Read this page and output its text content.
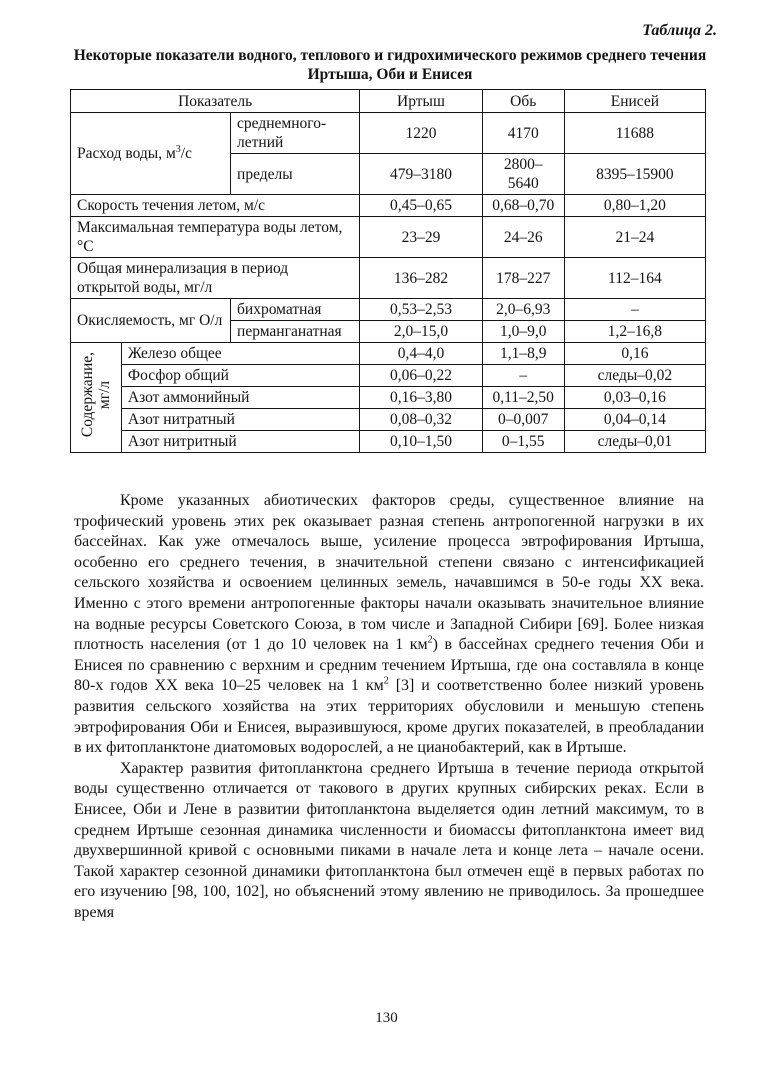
Таблица 2.
Некоторые показатели водного, теплового и гидрохимического режимов среднего течения Иртыша, Оби и Енисея
Показатель			Иртыш	Обь	Енисей
Расход воды, $м^3/с$		среднемного-летний	1220	4170	11688
		пределы	479–3180	2800–5640	8395–15900
Скорость течения летом, м/с			0,45–0,65	0,68–0,70	0,80–1,20
Максимальная температура воды летом, °С			23–29	24–26	21–24
Общая минерализация в период открытой воды, мг/л			136–282	178–227	112–164
Окисляемость, мг О/л		бихроматная	0,53–2,53	2,0–6,93	–
		перманганатная	2,0–15,0	1,0–9,0	1,2–16,8
Содержание,
мг/л	Железо общее		0,4–4,0	1,1–8,9	0,16
	Фосфор общий		0,06–0,22	–	следы–0,02
	Азот аммонийный		0,16–3,80	0,11–2,50	0,03–0,16
	Азот нитратный		0,08–0,32	0–0,007	0,04–0,14
	Азот нитритный		0,10–1,50	0–1,55	следы–0,01

Кроме указанных абиотических факторов среды, существенное влияние на трофический уровень этих рек оказывает разная степень антропогенной нагрузки в их бассейнах. Как уже отмечалось выше, усиление процесса эвтрофирования Иртыша, особенно его среднего течения, в значительной степени связано с интенсификацией сельского хозяйства и освоением целинных земель, начавшимся в 50-е годы XX века. Именно с этого времени антропогенные факторы начали оказывать значительное влияние на водные ресурсы Советского Союза, в том числе и Западной Сибири [69]. Более низкая плотность населения (от 1 до 10 человек на 1 $км^2$) в бассейнах среднего течения Оби и Енисея по сравнению с верхним и средним течением Иртыша, где она составляла в конце 80-х годов XX века 10–25 человек на 1 $км^2$ [3] и соответственно более низкий уровень развития сельского хозяйства на этих территориях обусловили и меньшую степень эвтрофирования Оби и Енисея, выразившуюся, кроме других показателей, в преобладании в их фитопланктоне диатомовых водорослей, а не цианобактерий, как в Иртыше.

Характер развития фитопланктона среднего Иртыша в течение периода открытой воды существенно отличается от такового в других крупных сибирских реках. Если в Енисее, Оби и Лене в развитии фитопланктона выделяется один летний максимум, то в среднем Иртыше сезонная динамика численности и биомассы фитопланктона имеет вид двухвершинной кривой с основными пиками в начале лета и конце лета – начале осени. Такой характер сезонной динамики фитопланктона был отмечен ещё в первых работах по его изучению [98, 100, 102], но объяснений этому явлению не приводилось. За прошедшее время

130
